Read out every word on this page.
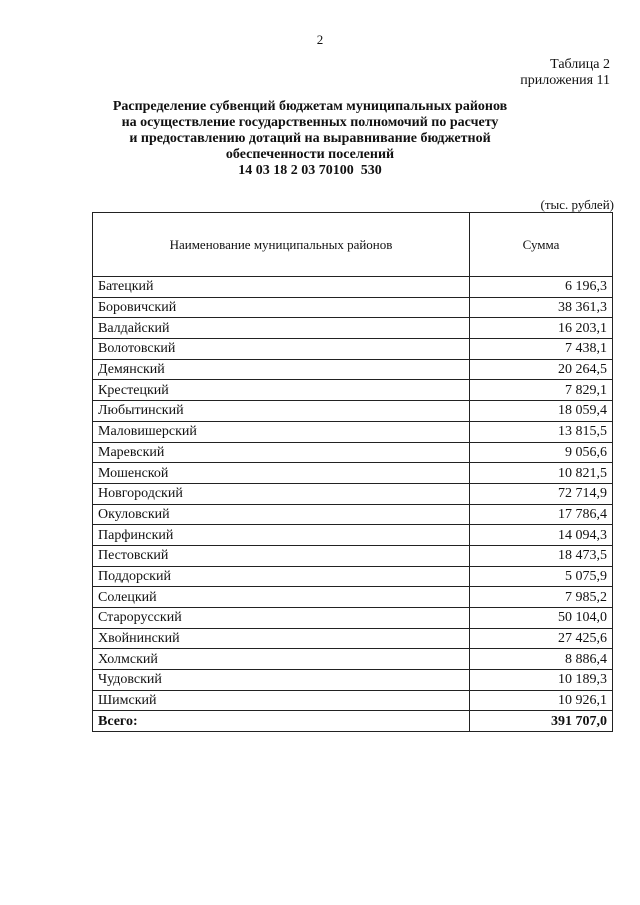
2
Таблица 2
приложения 11
Распределение субвенций бюджетам муниципальных районов
на осуществление государственных полномочий по расчету
и предоставлению дотаций на выравнивание бюджетной
обеспеченности поселений
14 03 18 2 03 70100  530
(тыс. рублей)
Наименование муниципальных районов	Сумма
Батецкий	6 196,3
Боровичский	38 361,3
Валдайский	16 203,1
Волотовский	7 438,1
Демянский	20 264,5
Крестецкий	7 829,1
Любытинский	18 059,4
Маловишерский	13 815,5
Маревский	9 056,6
Мошенской	10 821,5
Новгородский	72 714,9
Окуловский	17 786,4
Парфинский	14 094,3
Пестовский	18 473,5
Поддорский	5 075,9
Солецкий	7 985,2
Старорусский	50 104,0
Хвойнинский	27 425,6
Холмский	8 886,4
Чудовский	10 189,3
Шимский	10 926,1
Всего:	391 707,0
